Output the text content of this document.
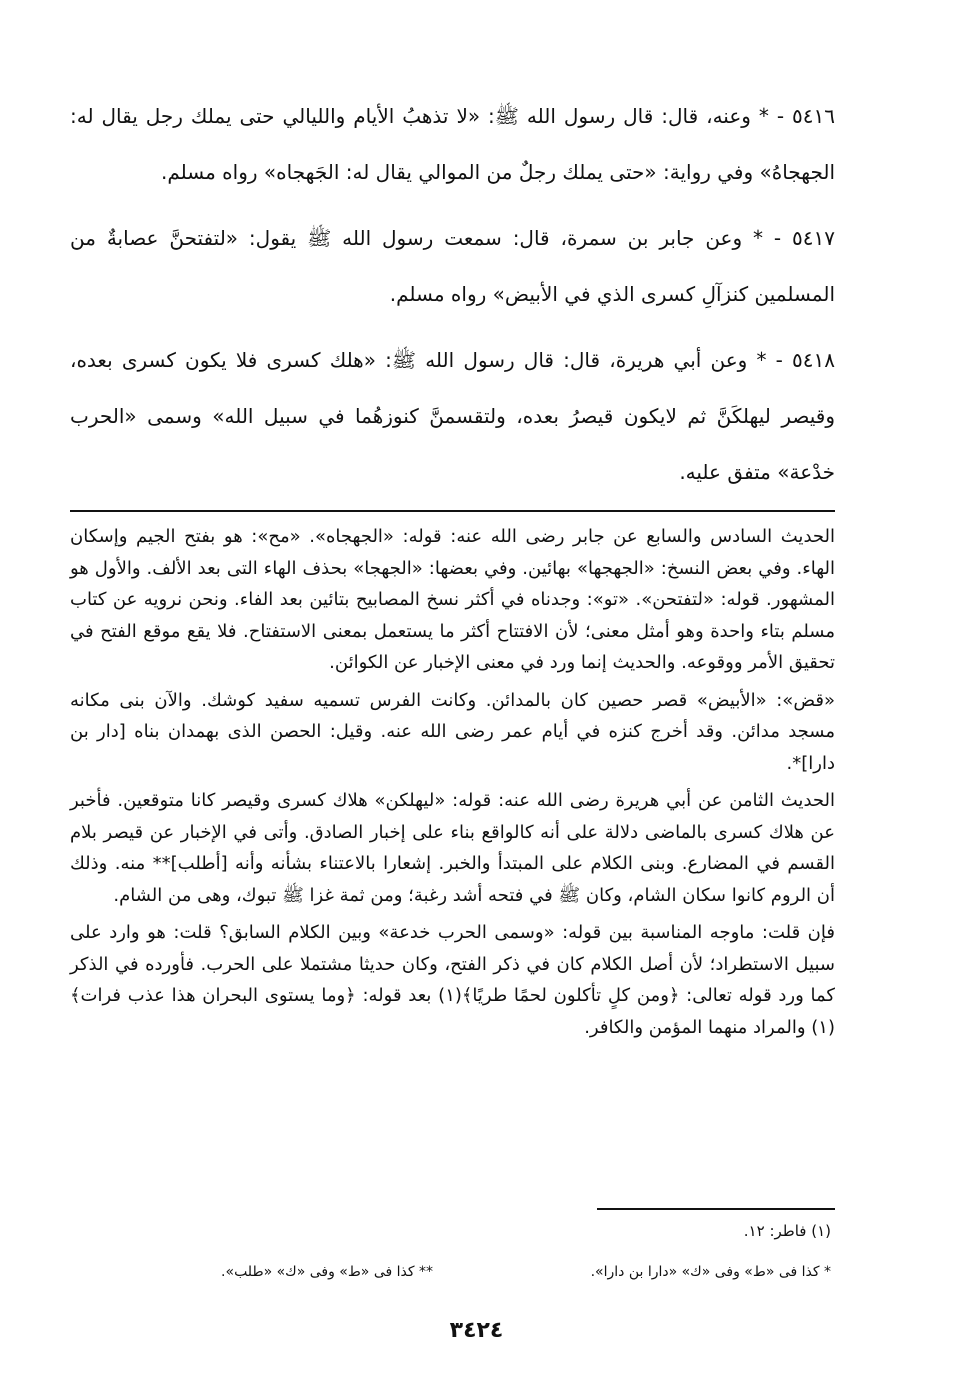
٥٤١٦ - * وعنه، قال: قال رسول الله ﷺ: «لا تذهبُ الأيام والليالي حتى يملك رجل يقال له: الجهجاهُ» وفي رواية: «حتى يملك رجلٌ من الموالي يقال له: الجَهجاه» رواه مسلم.

٥٤١٧ - * وعن جابر بن سمرة، قال: سمعت رسول الله ﷺ يقول: «لتفتحنَّ عصابةٌ من المسلمين كنزآلِ كسرى الذي في الأبيض» رواه مسلم.

٥٤١٨ - * وعن أبي هريرة، قال: قال رسول الله ﷺ: «هلك كسرى فلا يكون كسرى بعده، وقيصر ليهلكَنَّ ثم لايكون قيصرُ بعده، ولتقسمنَّ كنوزهُما في سبيل الله» وسمى «الحرب خدْعة» متفق عليه.

الحديث السادس والسابع عن جابر رضى الله عنه: قوله: «الجهجاه». «مح»: هو بفتح الجيم وإسكان الهاء. وفي بعض النسخ: «الجهجها» بهائين. وفي بعضها: «الجهجا» بحذف الهاء التى بعد الألف. والأول هو المشهور. قوله: «لتفتحن». «تو»: وجدناه في أكثر نسخ المصابيح بتائين بعد الفاء. ونحن نرويه عن كتاب مسلم بتاء واحدة وهو أمثل معنى؛ لأن الافتتاح أكثر ما يستعمل بمعنى الاستفتاح. فلا يقع موقع الفتح في تحقيق الأمر ووقوعه. والحديث إنما ورد في معنى الإخبار عن الكوائن.

«قض»: «الأبيض» قصر حصين كان بالمدائن. وكانت الفرس تسميه سفيد كوشك. والآن بنى مكانه مسجد مدائن. وقد أخرج كنزه في أيام عمر رضى الله عنه. وقيل: الحصن الذى بهمدان بناه [دار بن دارا]*.

الحديث الثامن عن أبي هريرة رضى الله عنه: قوله: «ليهلكن» هلاك كسرى وقيصر كانا متوقعين. فأخبر عن هلاك كسرى بالماضى دلالة على أنه كالواقع بناء على إخبار الصادق. وأتى في الإخبار عن قيصر بلام القسم في المضارع. وبنى الكلام على المبتدأ والخبر. إشعارا بالاعتناء بشأنه وأنه [أطلب]** منه. وذلك أن الروم كانوا سكان الشام، وكان ﷺ في فتحه أشد رغبة؛ ومن ثمة غزا ﷺ تبوك، وهى من الشام.

فإن قلت: ماوجه المناسبة بين قوله: «وسمى الحرب خدعة» وبين الكلام السابق؟ قلت: هو وارد على سبيل الاستطراد؛ لأن أصل الكلام كان في ذكر الفتح، وكان حديثا مشتملا على الحرب. فأورده في الذكر كما ورد قوله تعالى: ﴿ومن كلٍ تأكلون لحمًا طريًا﴾(١) بعد قوله: ﴿وما يستوى البحران هذا عذب فرات﴾(١) والمراد منهما المؤمن والكافر.

(١) فاطر: ١٢.
* كذا فى «ط» وفى «ك» «دارا بن دارا».
** كذا فى «ط» وفى «ك» «طلب».
٣٤٢٤
